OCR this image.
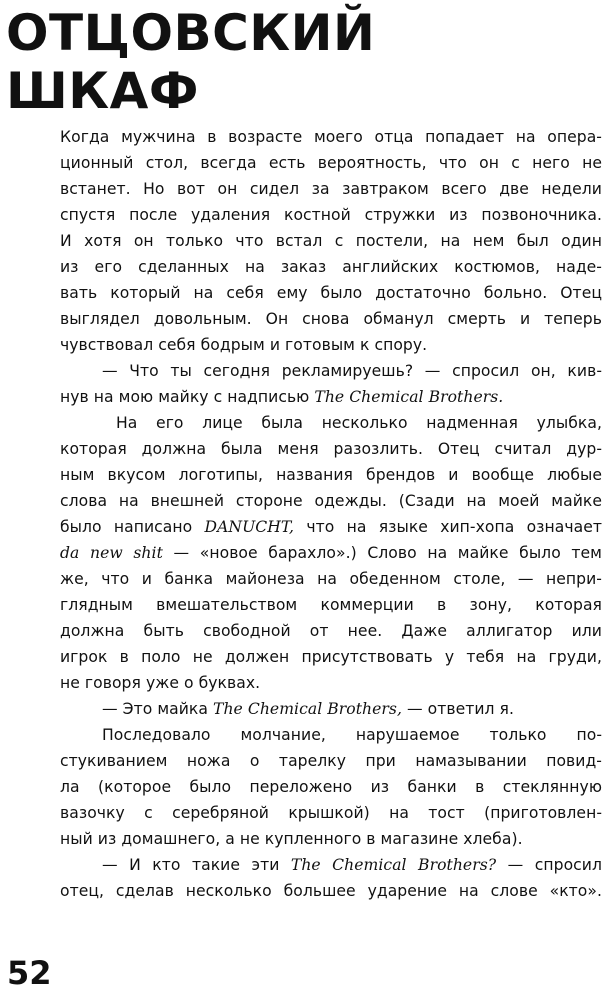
ОТЦОВСКИЙ
ШКАФ
Когда мужчина в возрасте моего отца попадает на опера-
ционный стол, всегда есть вероятность, что он с него не
встанет. Но вот он сидел за завтраком всего две недели
спустя после удаления костной стружки из позвоночника.
И хотя он только что встал с постели, на нем был один
из его сделанных на заказ английских костюмов, наде-
вать который на себя ему было достаточно больно. Отец
выглядел довольным. Он снова обманул смерть и теперь
чувствовал себя бодрым и готовым к спору.
— Что ты сегодня рекламируешь? — спросил он, кив-
нув на мою майку с надписью The Chemical Brothers.
На его лице была несколько надменная улыбка,
которая должна была меня разозлить. Отец считал дур-
ным вкусом логотипы, названия брендов и вообще любые
слова на внешней стороне одежды. (Сзади на моей майке
было написано DANUCHT, что на языке хип-хопа означает
da new shit — «новое барахло».) Слово на майке было тем
же, что и банка майонеза на обеденном столе, — непри-
глядным вмешательством коммерции в зону, которая
должна быть свободной от нее. Даже аллигатор или
игрок в поло не должен присутствовать у тебя на груди,
не говоря уже о буквах.
— Это майка The Chemical Brothers, — ответил я.
Последовало молчание, нарушаемое только по-
стукиванием ножа о тарелку при намазывании повид-
ла (которое было переложено из банки в стеклянную
вазочку с серебряной крышкой) на тост (приготовлен-
ный из домашнего, а не купленного в магазине хлеба).
— И кто такие эти The Chemical Brothers? — спросил
отец, сделав несколько большее ударение на слове «кто».
52
